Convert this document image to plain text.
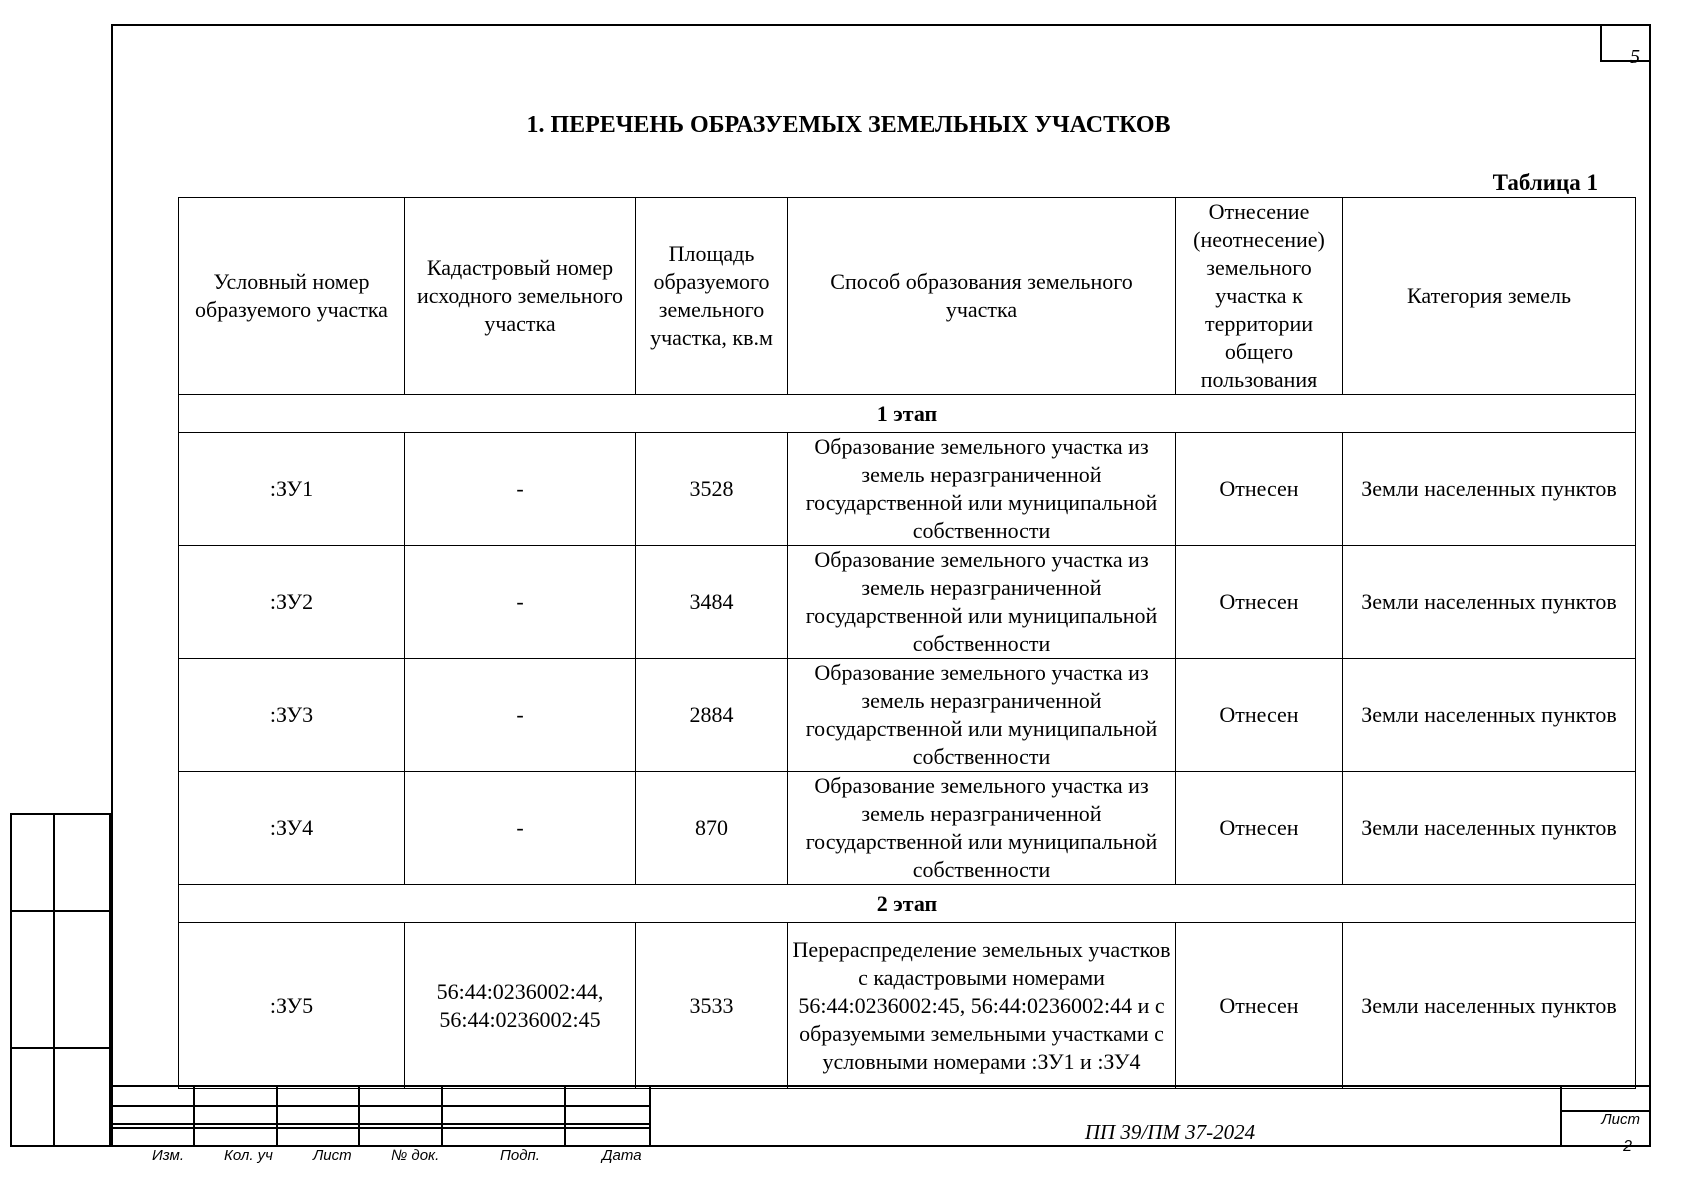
5
1. ПЕРЕЧЕНЬ ОБРАЗУЕМЫХ ЗЕМЕЛЬНЫХ УЧАСТКОВ
Таблица 1
Условный номер образуемого участка	Кадастровый номер исходного земельного участка	Площадь образуемого земельного участка, кв.м	Способ образования земельного участка	Отнесение (неотнесение) земельного участка к территории общего пользования	Категория земель
1 этап					
:ЗУ1	-	3528	Образование земельного участка из земель неразграниченной государственной или муниципальной собственности	Отнесен	Земли населенных пунктов
:ЗУ2	-	3484	Образование земельного участка из земель неразграниченной государственной или муниципальной собственности	Отнесен	Земли населенных пунктов
:ЗУ3	-	2884	Образование земельного участка из земель неразграниченной государственной или муниципальной собственности	Отнесен	Земли населенных пунктов
:ЗУ4	-	870	Образование земельного участка из земель неразграниченной государственной или муниципальной собственности	Отнесен	Земли населенных пунктов
2 этап					
:ЗУ5	56:44:0236002:44, 56:44:0236002:45	3533	Перераспределение земельных участков с кадастровыми номерами 56:44:0236002:45, 56:44:0236002:44 и с образуемыми земельными участками с условными номерами :ЗУ1 и :ЗУ4	Отнесен	Земли населенных пунктов
ПП 39/ПМ 37-2024
Лист
2
Изм.	Кол. уч	Лист	№ док.	Подп.	Дата
